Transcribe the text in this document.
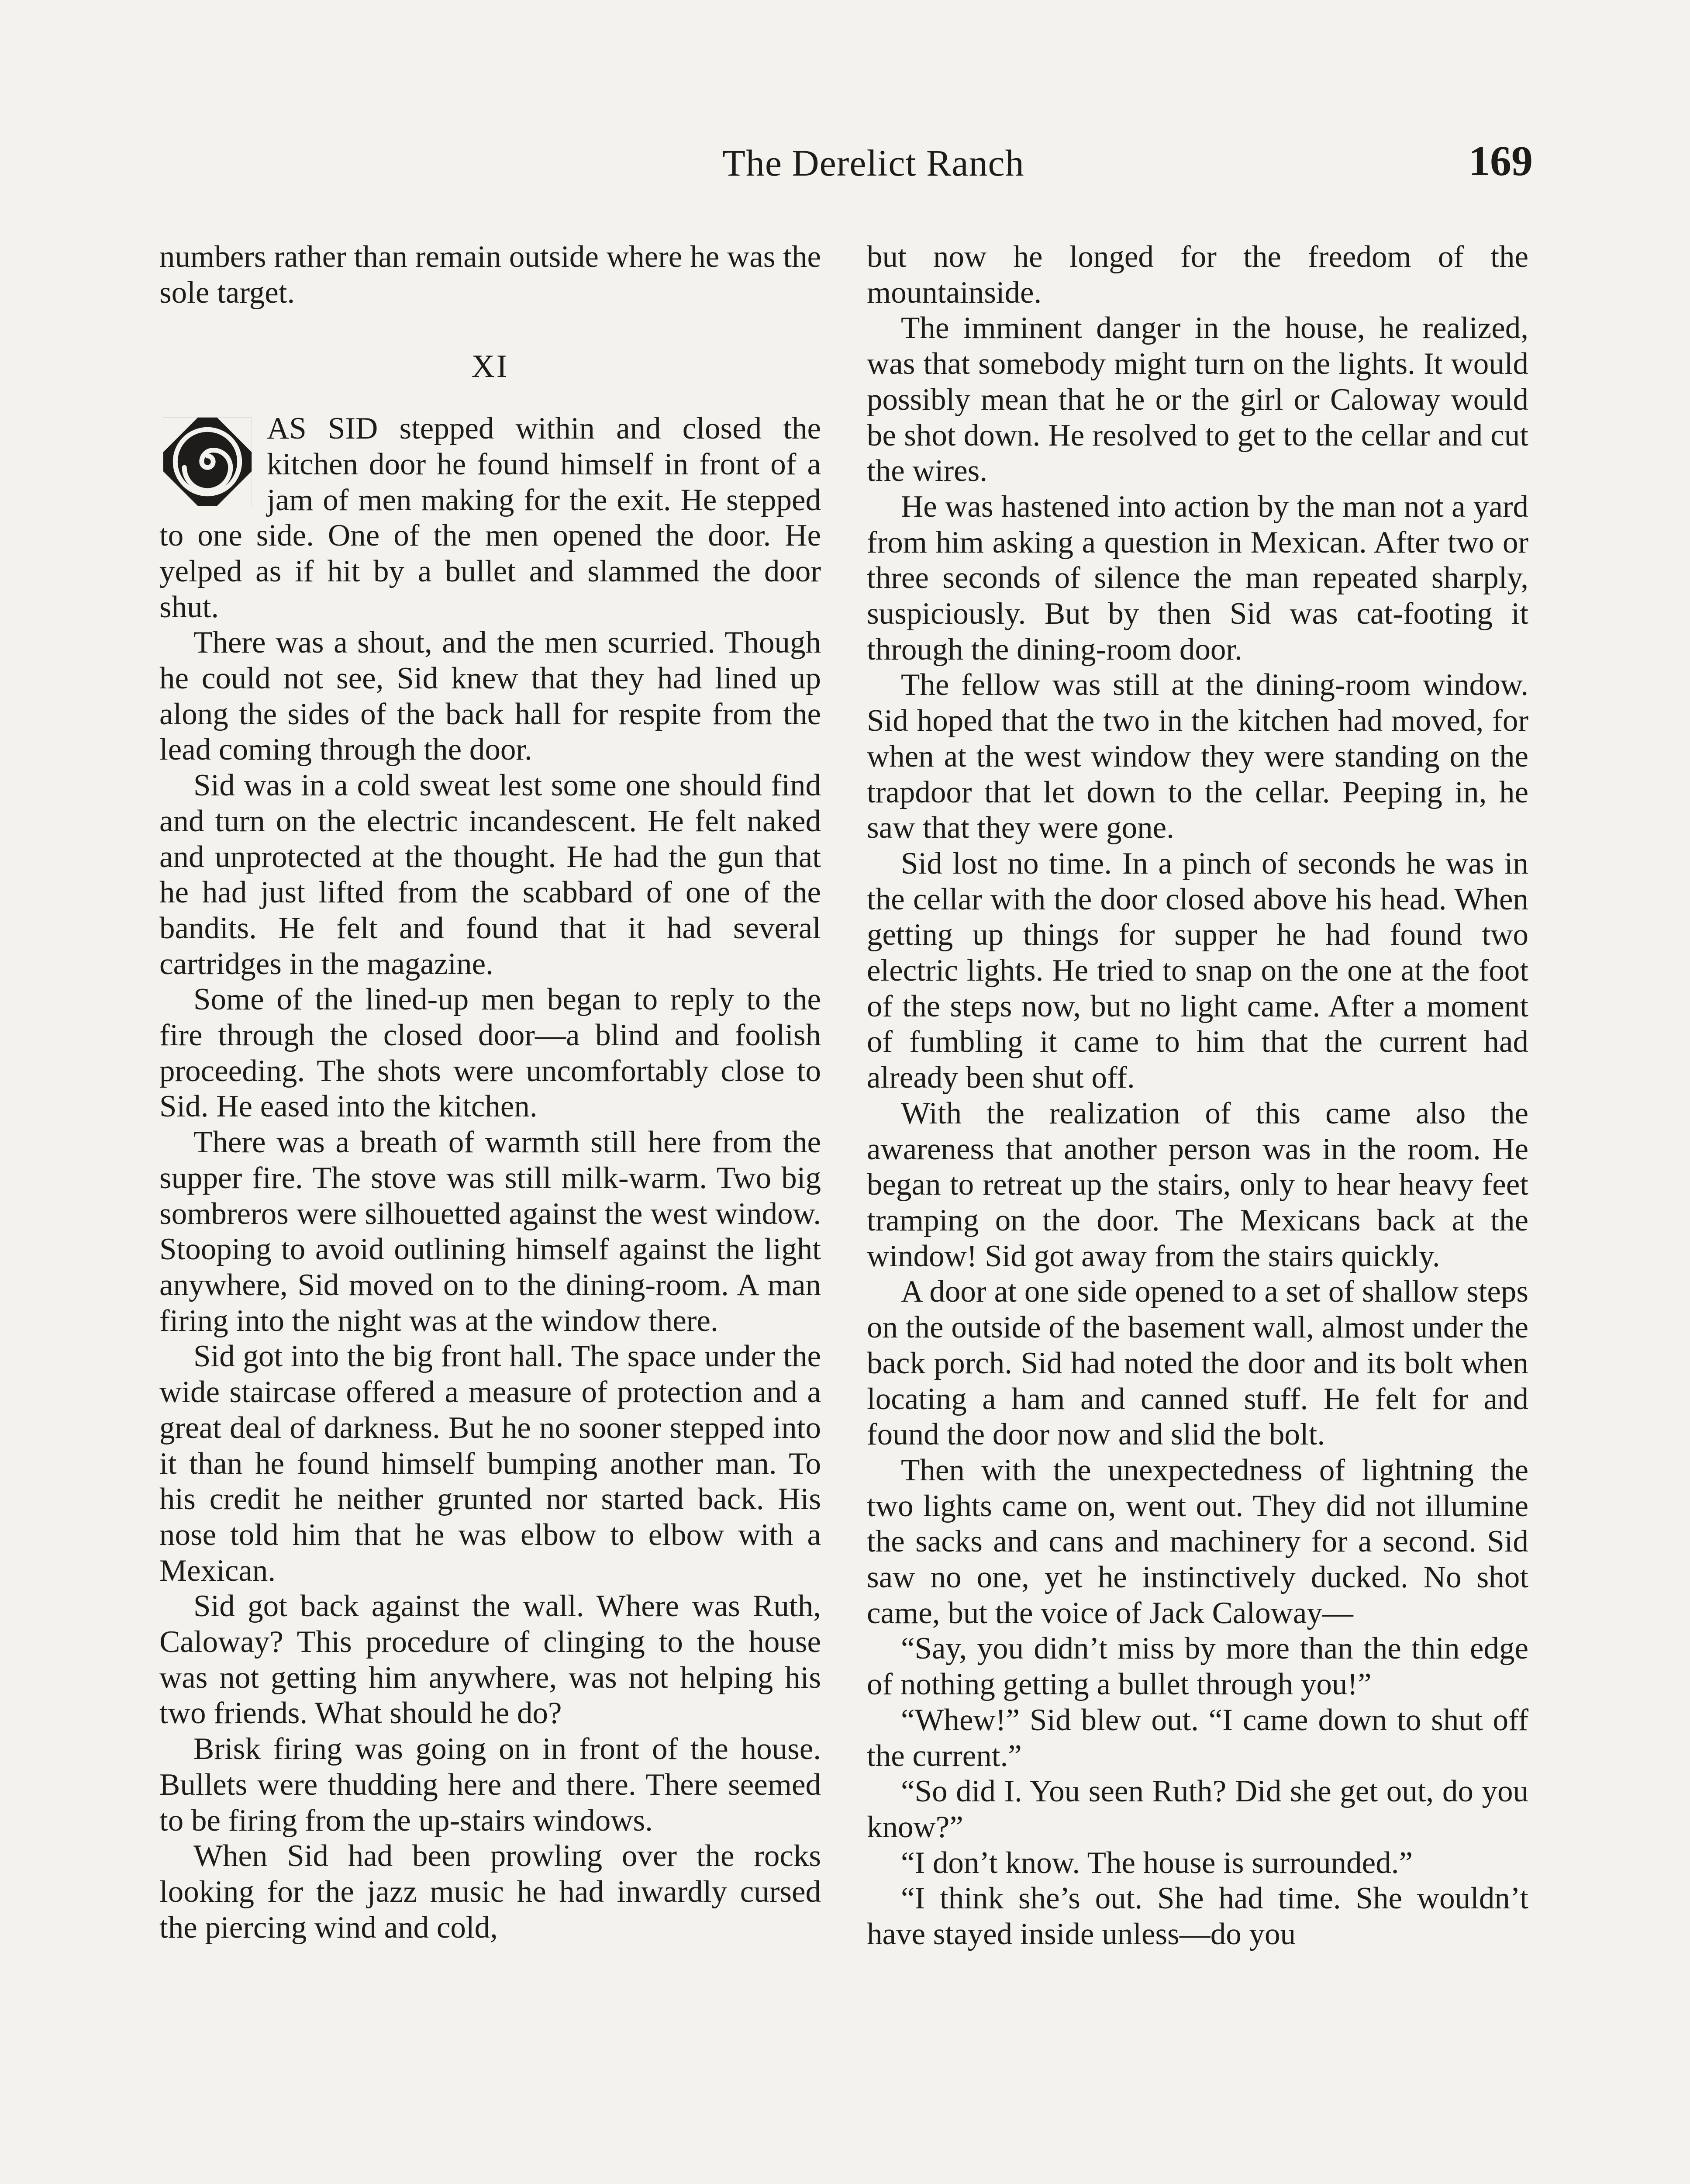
The Derelict Ranch	169

numbers rather than remain outside where he was the sole target.

XI

AS SID stepped within and closed the kitchen door he found himself in front of a jam of men making for the exit. He stepped to one side. One of the men opened the door. He yelped as if hit by a bullet and slammed the door shut.

There was a shout, and the men scurried. Though he could not see, Sid knew that they had lined up along the sides of the back hall for respite from the lead coming through the door.

Sid was in a cold sweat lest some one should find and turn on the electric incandescent. He felt naked and unprotected at the thought. He had the gun that he had just lifted from the scabbard of one of the bandits. He felt and found that it had several cartridges in the magazine.

Some of the lined-up men began to reply to the fire through the closed door—a blind and foolish proceeding. The shots were uncomfortably close to Sid. He eased into the kitchen.

There was a breath of warmth still here from the supper fire. The stove was still milk-warm. Two big sombreros were silhouetted against the west window. Stooping to avoid outlining himself against the light anywhere, Sid moved on to the dining-room. A man firing into the night was at the window there.

Sid got into the big front hall. The space under the wide staircase offered a measure of protection and a great deal of darkness. But he no sooner stepped into it than he found himself bumping another man. To his credit he neither grunted nor started back. His nose told him that he was elbow to elbow with a Mexican.

Sid got back against the wall. Where was Ruth, Caloway? This procedure of clinging to the house was not getting him anywhere, was not helping his two friends. What should he do?

Brisk firing was going on in front of the house. Bullets were thudding here and there. There seemed to be firing from the up-stairs windows.

When Sid had been prowling over the rocks looking for the jazz music he had inwardly cursed the piercing wind and cold,

but now he longed for the freedom of the mountainside.

The imminent danger in the house, he realized, was that somebody might turn on the lights. It would possibly mean that he or the girl or Caloway would be shot down. He resolved to get to the cellar and cut the wires.

He was hastened into action by the man not a yard from him asking a question in Mexican. After two or three seconds of silence the man repeated sharply, suspiciously. But by then Sid was cat-footing it through the dining-room door.

The fellow was still at the dining-room window. Sid hoped that the two in the kitchen had moved, for when at the west window they were standing on the trapdoor that let down to the cellar. Peeping in, he saw that they were gone.

Sid lost no time. In a pinch of seconds he was in the cellar with the door closed above his head. When getting up things for supper he had found two electric lights. He tried to snap on the one at the foot of the steps now, but no light came. After a moment of fumbling it came to him that the current had already been shut off.

With the realization of this came also the awareness that another person was in the room. He began to retreat up the stairs, only to hear heavy feet tramping on the door. The Mexicans back at the window! Sid got away from the stairs quickly.

A door at one side opened to a set of shallow steps on the outside of the basement wall, almost under the back porch. Sid had noted the door and its bolt when locating a ham and canned stuff. He felt for and found the door now and slid the bolt.

Then with the unexpectedness of lightning the two lights came on, went out. They did not illumine the sacks and cans and machinery for a second. Sid saw no one, yet he instinctively ducked. No shot came, but the voice of Jack Caloway—

“Say, you didn’t miss by more than the thin edge of nothing getting a bullet through you!”

“Whew!” Sid blew out. “I came down to shut off the current.”

“So did I. You seen Ruth? Did she get out, do you know?”

“I don’t know. The house is surrounded.”

“I think she’s out. She had time. She wouldn’t have stayed inside unless—do you
